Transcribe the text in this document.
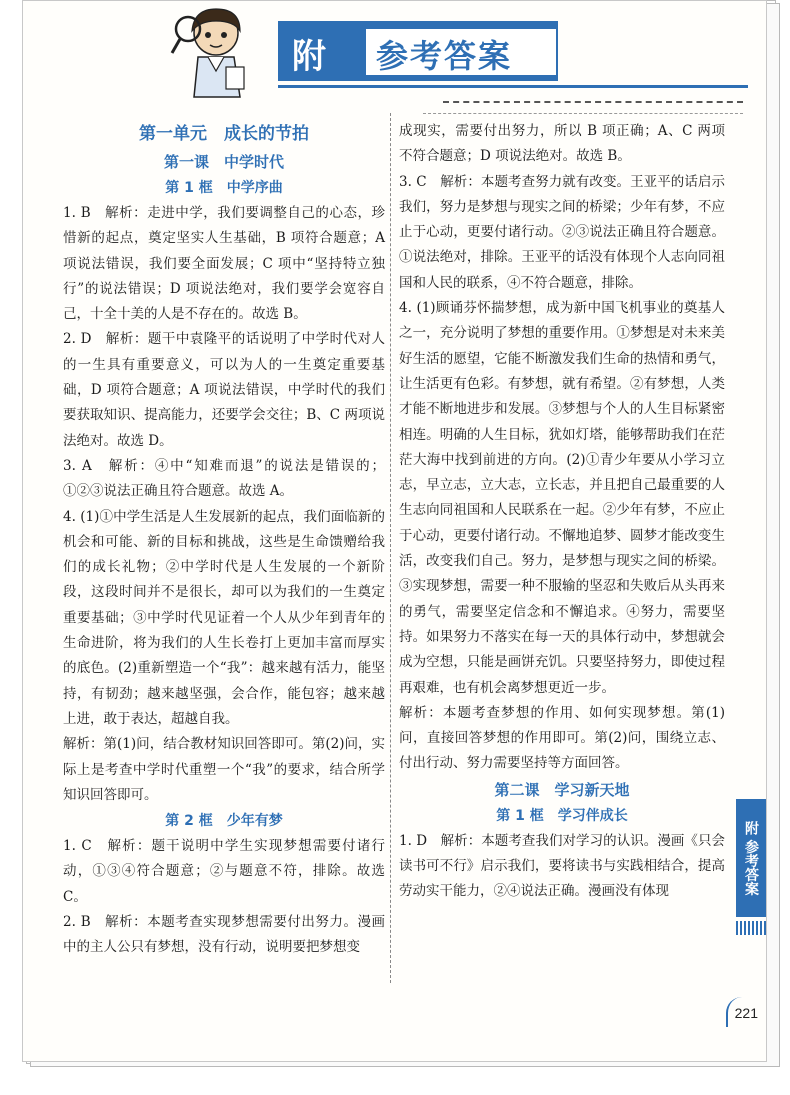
附 参考答案
第一单元　成长的节拍
第一课　中学时代
第 1 框　中学序曲

1. B　解析：走进中学，我们要调整自己的心态，珍惜新的起点，奠定坚实人生基础，B 项符合题意；A 项说法错误，我们要全面发展；C 项中“坚持特立独行”的说法错误；D 项说法绝对，我们要学会宽容自己，十全十美的人是不存在的。故选 B。

2. D　解析：题干中袁隆平的话说明了中学时代对人的一生具有重要意义，可以为人的一生奠定重要基础，D 项符合题意；A 项说法错误，中学时代的我们要获取知识、提高能力，还要学会交往；B、C 两项说法绝对。故选 D。

3. A　解析：④中“知难而退”的说法是错误的；①②③说法正确且符合题意。故选 A。

4. (1)①中学生活是人生发展新的起点，我们面临新的机会和可能、新的目标和挑战，这些是生命馈赠给我们的成长礼物；②中学时代是人生发展的一个新阶段，这段时间并不是很长，却可以为我们的一生奠定重要基础；③中学时代见证着一个人从少年到青年的生命进阶，将为我们的人生长卷打上更加丰富而厚实的底色。(2)重新塑造一个“我”：越来越有活力，能坚持，有韧劲；越来越坚强，会合作，能包容；越来越上进，敢于表达，超越自我。

解析：第(1)问，结合教材知识回答即可。第(2)问，实际上是考查中学时代重塑一个“我”的要求，结合所学知识回答即可。

第 2 框　少年有梦

1. C　解析：题干说明中学生实现梦想需要付诸行动，①③④符合题意；②与题意不符，排除。故选 C。

2. B　解析：本题考查实现梦想需要付出努力。漫画中的主人公只有梦想，没有行动，说明要把梦想变

成现实，需要付出努力，所以 B 项正确；A、C 两项不符合题意；D 项说法绝对。故选 B。

3. C　解析：本题考查努力就有改变。王亚平的话启示我们，努力是梦想与现实之间的桥梁；少年有梦，不应止于心动，更要付诸行动。②③说法正确且符合题意。①说法绝对，排除。王亚平的话没有体现个人志向同祖国和人民的联系，④不符合题意，排除。

4. (1)顾诵芬怀揣梦想，成为新中国飞机事业的奠基人之一，充分说明了梦想的重要作用。①梦想是对未来美好生活的愿望，它能不断激发我们生命的热情和勇气，让生活更有色彩。有梦想，就有希望。②有梦想，人类才能不断地进步和发展。③梦想与个人的人生目标紧密相连。明确的人生目标，犹如灯塔，能够帮助我们在茫茫大海中找到前进的方向。(2)①青少年要从小学习立志，早立志，立大志，立长志，并且把自己最重要的人生志向同祖国和人民联系在一起。②少年有梦，不应止于心动，更要付诸行动。不懈地追梦、圆梦才能改变生活，改变我们自己。努力，是梦想与现实之间的桥梁。③实现梦想，需要一种不服输的坚忍和失败后从头再来的勇气，需要坚定信念和不懈追求。④努力，需要坚持。如果努力不落实在每一天的具体行动中，梦想就会成为空想，只能是画饼充饥。只要坚持努力，即使过程再艰难，也有机会离梦想更近一步。

解析：本题考查梦想的作用、如何实现梦想。第(1)问，直接回答梦想的作用即可。第(2)问，围绕立志、付出行动、努力需要坚持等方面回答。

第二课　学习新天地
第 1 框　学习伴成长

1. D　解析：本题考查我们对学习的认识。漫画《只会读书可不行》启示我们，要将读书与实践相结合，提高劳动实干能力，②④说法正确。漫画没有体现	附 参考答案
221
